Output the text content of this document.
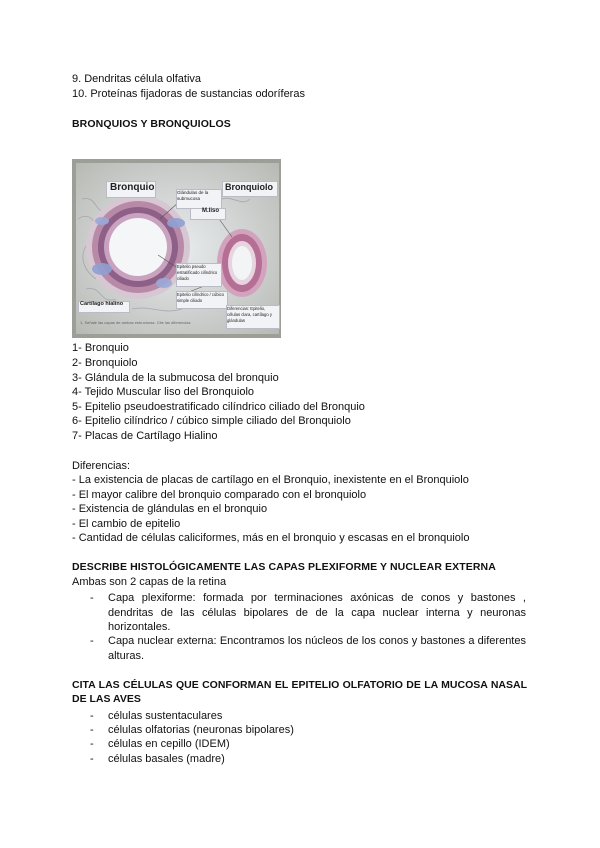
9. Dendritas célula olfativa
10. Proteínas fijadoras de sustancias odoríferas
BRONQUIOS Y BRONQUIOLOS
Bronquio	Bronquiolo
Glándulas de la submucosa
M.liso
Epitelio pseudo estratificado cilíndrico ciliado
Cartílago hialino
Epitelio cilíndrico / cúbico simple ciliado
Diferencias: Epitelio, células clara, cartílago y glándulas
1. Señale las capas de ambas estructuras. Cite las diferencias
1- Bronquio
2- Bronquiolo
3- Glándula de la submucosa del bronquio
4- Tejido Muscular liso del Bronquiolo
5- Epitelio pseudoestratificado cilíndrico ciliado del Bronquio
6- Epitelio cilíndrico / cúbico simple ciliado del Bronquiolo
7- Placas de Cartílago Hialino
Diferencias:
- La existencia de placas de cartílago en el Bronquio, inexistente en el Bronquiolo
- El mayor calibre del bronquio comparado con el bronquiolo
- Existencia de glándulas en el bronquio
- El cambio de epitelio
- Cantidad de células caliciformes, más en el bronquio y escasas en el bronquiolo
DESCRIBE HISTOLÓGICAMENTE LAS CAPAS PLEXIFORME Y NUCLEAR EXTERNA
Ambas son 2 capas de la retina
- Capa plexiforme: formada por terminaciones axónicas de conos y bastones , dendritas de las células bipolares de de la capa nuclear interna y neuronas horizontales.
- Capa nuclear externa: Encontramos los núcleos de los conos y bastones a diferentes alturas.
CITA LAS CÉLULAS QUE CONFORMAN EL EPITELIO OLFATORIO DE LA MUCOSA NASAL DE LAS AVES
- células sustentaculares
- células olfatorias (neuronas bipolares)
- células en cepillo (IDEM)
- células basales (madre)
